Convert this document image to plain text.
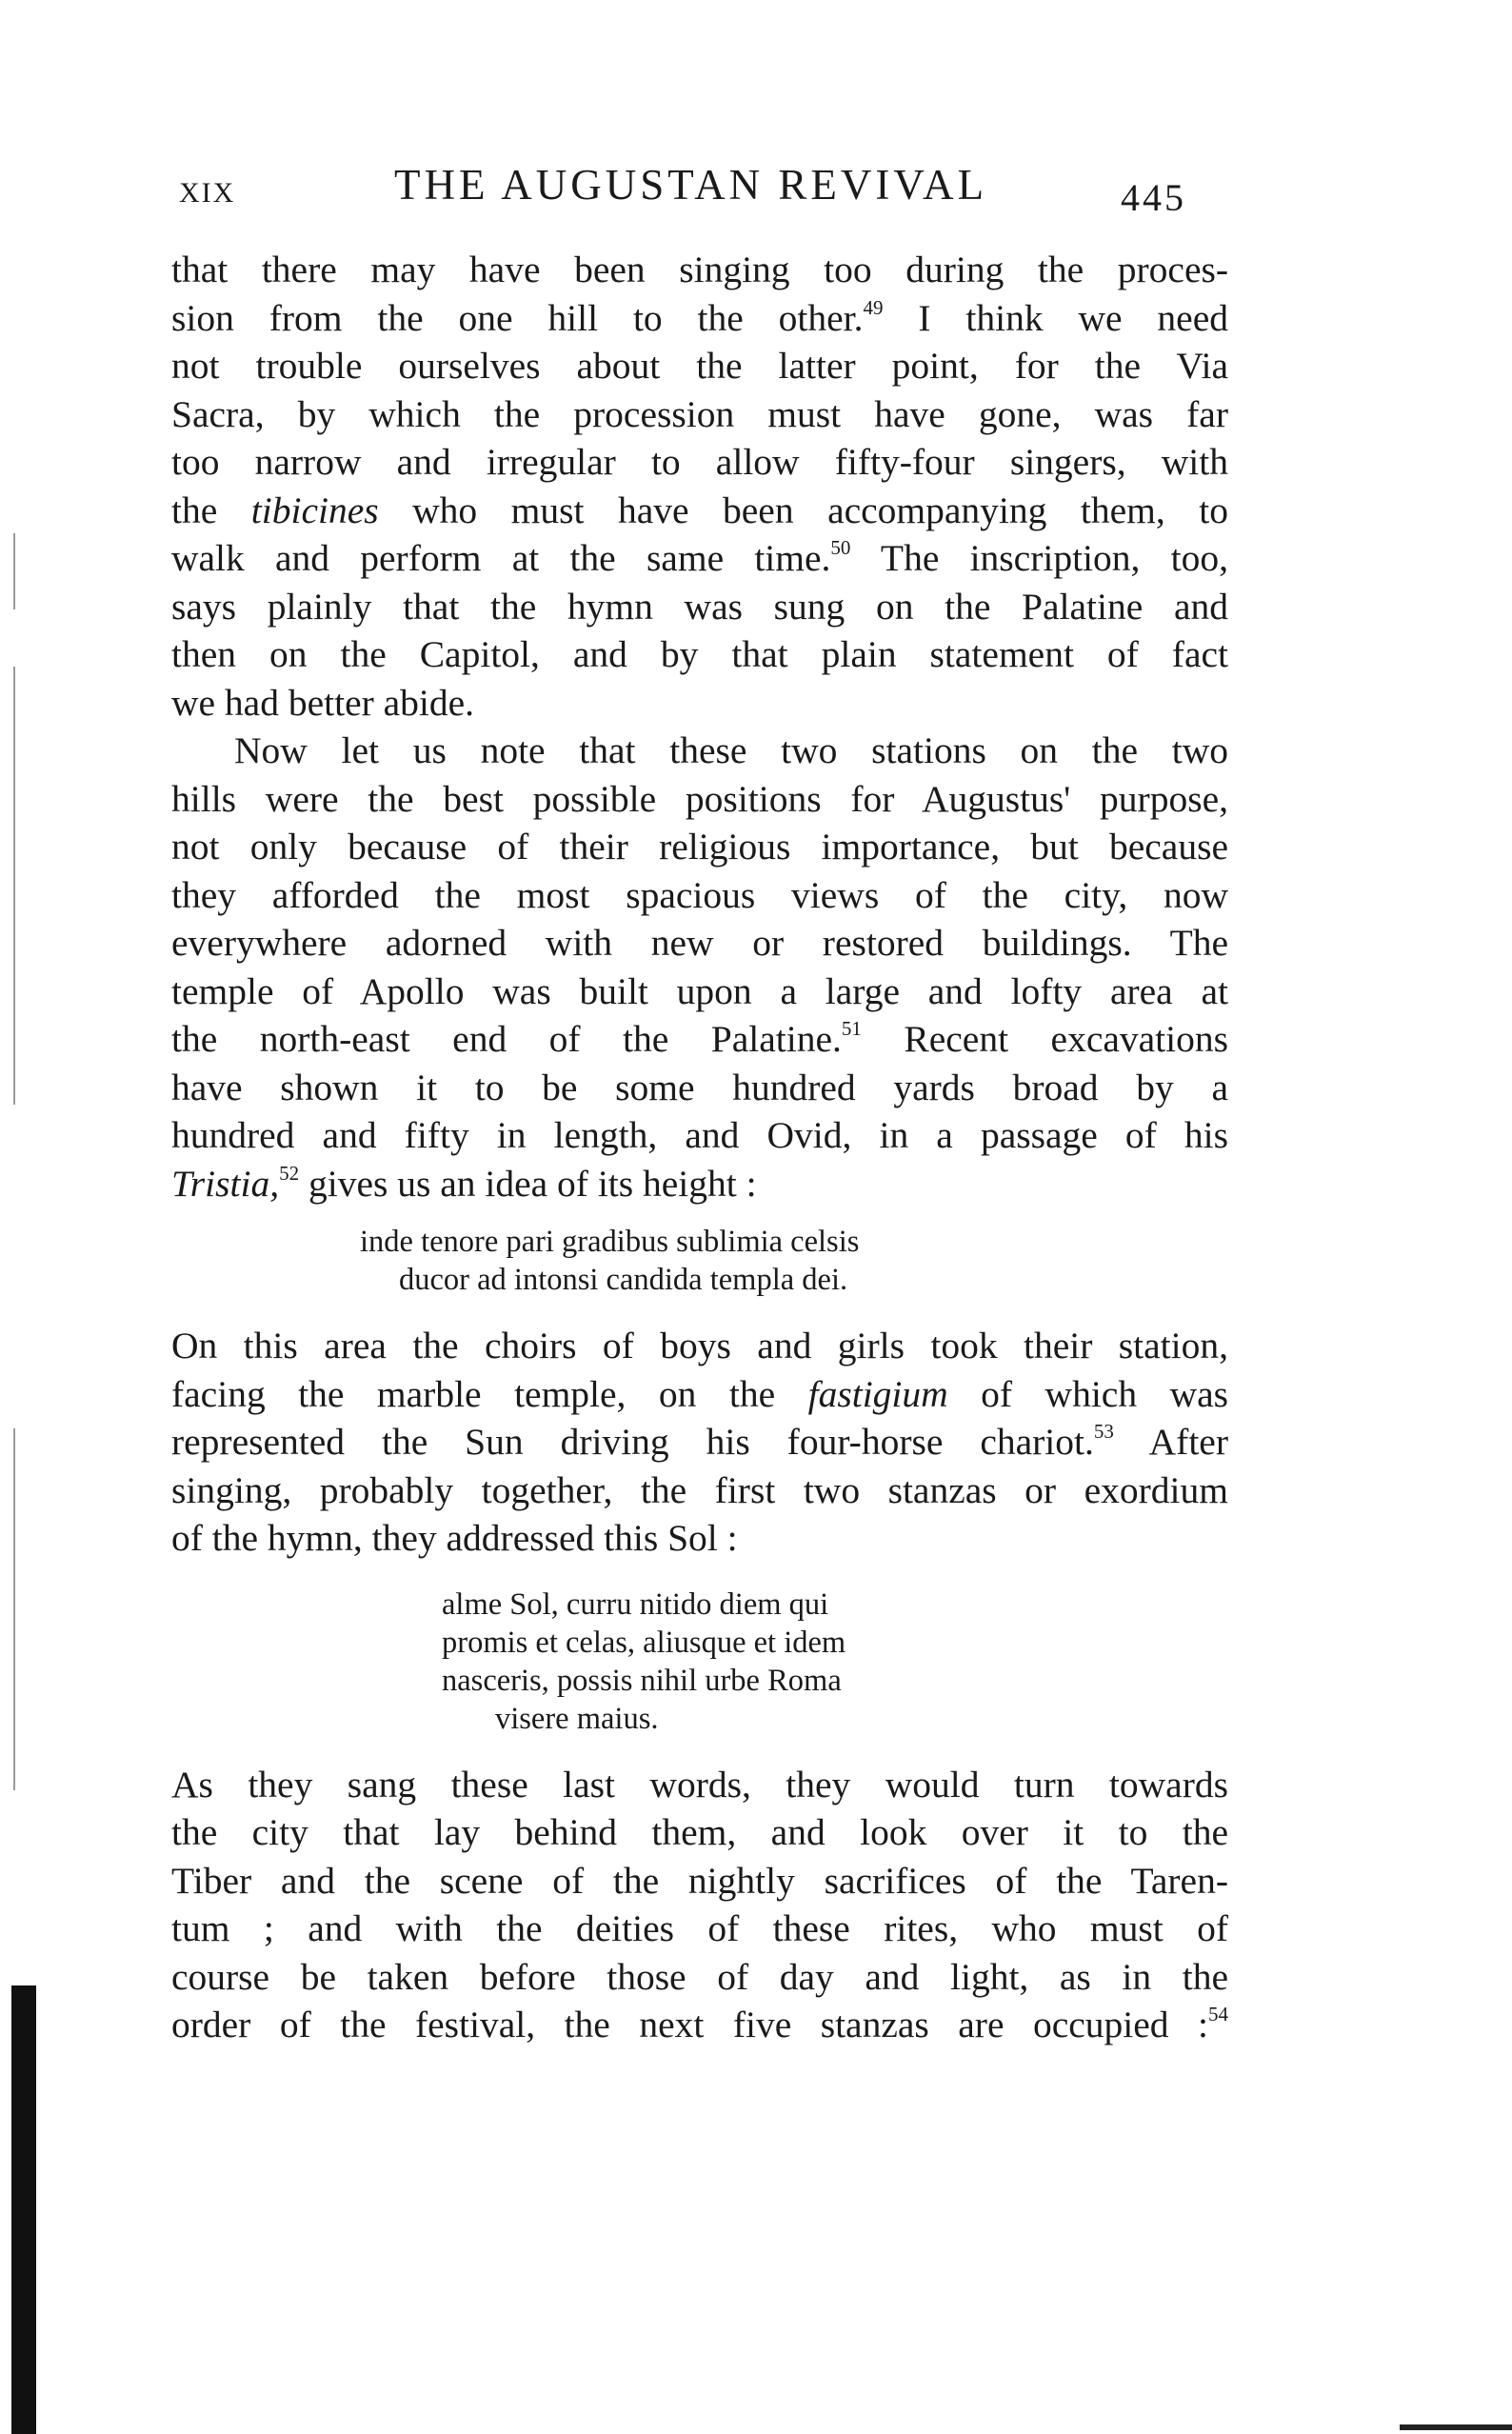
XIX	THE AUGUSTAN REVIVAL	445

that there may have been singing too during the proces-

sion from the one hill to the other.$^{49}$ I think we need

not trouble ourselves about the latter point, for the Via

Sacra, by which the procession must have gone, was far

too narrow and irregular to allow fifty-four singers, with

the tibicines who must have been accompanying them, to

walk and perform at the same time.$^{50}$ The inscription, too,

says plainly that the hymn was sung on the Palatine and

then on the Capitol, and by that plain statement of fact

we had better abide.

Now let us note that these two stations on the two

hills were the best possible positions for Augustus' purpose,

not only because of their religious importance, but because

they afforded the most spacious views of the city, now

everywhere adorned with new or restored buildings. The

temple of Apollo was built upon a large and lofty area at

the north-east end of the Palatine.$^{51}$ Recent excavations

have shown it to be some hundred yards broad by a

hundred and fifty in length, and Ovid, in a passage of his

Tristia,$^{52}$ gives us an idea of its height :

inde tenore pari gradibus sublimia celsis
ducor ad intonsi candida templa dei.

On this area the choirs of boys and girls took their station,

facing the marble temple, on the fastigium of which was

represented the Sun driving his four-horse chariot.$^{53}$ After

singing, probably together, the first two stanzas or exordium

of the hymn, they addressed this Sol :

alme Sol, curru nitido diem qui
promis et celas, aliusque et idem
nasceris, possis nihil urbe Roma
visere maius.

As they sang these last words, they would turn towards

the city that lay behind them, and look over it to the

Tiber and the scene of the nightly sacrifices of the Taren-

tum ; and with the deities of these rites, who must of

course be taken before those of day and light, as in the

order of the festival, the next five stanzas are occupied :$^{54}$
